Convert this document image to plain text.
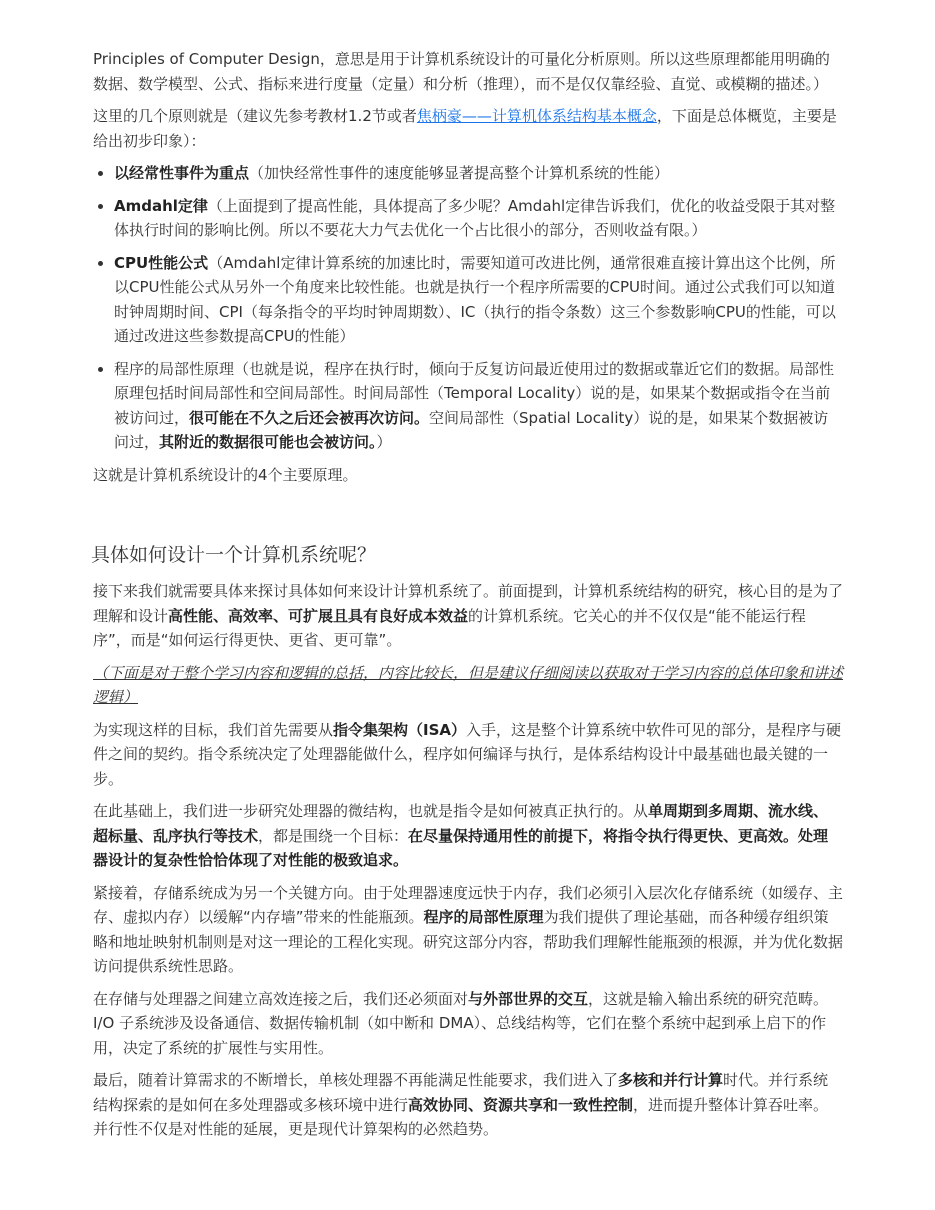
Principles of Computer Design，意思是用于计算机系统设计的可量化分析原则。所以这些原理都能用明确的数据、数学模型、公式、指标来进行度量（定量）和分析（推理），而不是仅仅靠经验、直觉、或模糊的描述。）

这里的几个原则就是（建议先参考教材1.2节或者焦柄豪——计算机体系结构基本概念，下面是总体概览，主要是给出初步印象）：

• 以经常性事件为重点（加快经常性事件的速度能够显著提高整个计算机系统的性能）
• Amdahl定律（上面提到了提高性能，具体提高了多少呢？Amdahl定律告诉我们，优化的收益受限于其对整体执行时间的影响比例。所以不要花大力气去优化一个占比很小的部分，否则收益有限。）
• CPU性能公式（Amdahl定律计算系统的加速比时，需要知道可改进比例，通常很难直接计算出这个比例，所以CPU性能公式从另外一个角度来比较性能。也就是执行一个程序所需要的CPU时间。通过公式我们可以知道时钟周期时间、CPI（每条指令的平均时钟周期数）、IC（执行的指令条数）这三个参数影响CPU的性能，可以通过改进这些参数提高CPU的性能）
• 程序的局部性原理（也就是说，程序在执行时，倾向于反复访问最近使用过的数据或靠近它们的数据。局部性原理包括时间局部性和空间局部性。时间局部性（Temporal Locality）说的是，如果某个数据或指令在当前被访问过，很可能在不久之后还会被再次访问。空间局部性（Spatial Locality）说的是，如果某个数据被访问过，其附近的数据很可能也会被访问。）

这就是计算机系统设计的4个主要原理。

具体如何设计一个计算机系统呢？

接下来我们就需要具体来探讨具体如何来设计计算机系统了。前面提到，计算机系统结构的研究，核心目的是为了理解和设计高性能、高效率、可扩展且具有良好成本效益的计算机系统。它关心的并不仅仅是“能不能运行程序”，而是“如何运行得更快、更省、更可靠”。

（下面是对于整个学习内容和逻辑的总括，内容比较长，但是建议仔细阅读以获取对于学习内容的总体印象和讲述逻辑）

为实现这样的目标，我们首先需要从指令集架构（ISA）入手，这是整个计算系统中软件可见的部分，是程序与硬件之间的契约。指令系统决定了处理器能做什么，程序如何编译与执行，是体系结构设计中最基础也最关键的一步。

在此基础上，我们进一步研究处理器的微结构，也就是指令是如何被真正执行的。从单周期到多周期、流水线、超标量、乱序执行等技术，都是围绕一个目标：在尽量保持通用性的前提下，将指令执行得更快、更高效。处理器设计的复杂性恰恰体现了对性能的极致追求。

紧接着，存储系统成为另一个关键方向。由于处理器速度远快于内存，我们必须引入层次化存储系统（如缓存、主存、虚拟内存）以缓解“内存墙”带来的性能瓶颈。程序的局部性原理为我们提供了理论基础，而各种缓存组织策略和地址映射机制则是对这一理论的工程化实现。研究这部分内容，帮助我们理解性能瓶颈的根源，并为优化数据访问提供系统性思路。

在存储与处理器之间建立高效连接之后，我们还必须面对与外部世界的交互，这就是输入输出系统的研究范畴。I/O 子系统涉及设备通信、数据传输机制（如中断和 DMA）、总线结构等，它们在整个系统中起到承上启下的作用，决定了系统的扩展性与实用性。

最后，随着计算需求的不断增长，单核处理器不再能满足性能要求，我们进入了多核和并行计算时代。并行系统结构探索的是如何在多处理器或多核环境中进行高效协同、资源共享和一致性控制，进而提升整体计算吞吐率。并行性不仅是对性能的延展，更是现代计算架构的必然趋势。
